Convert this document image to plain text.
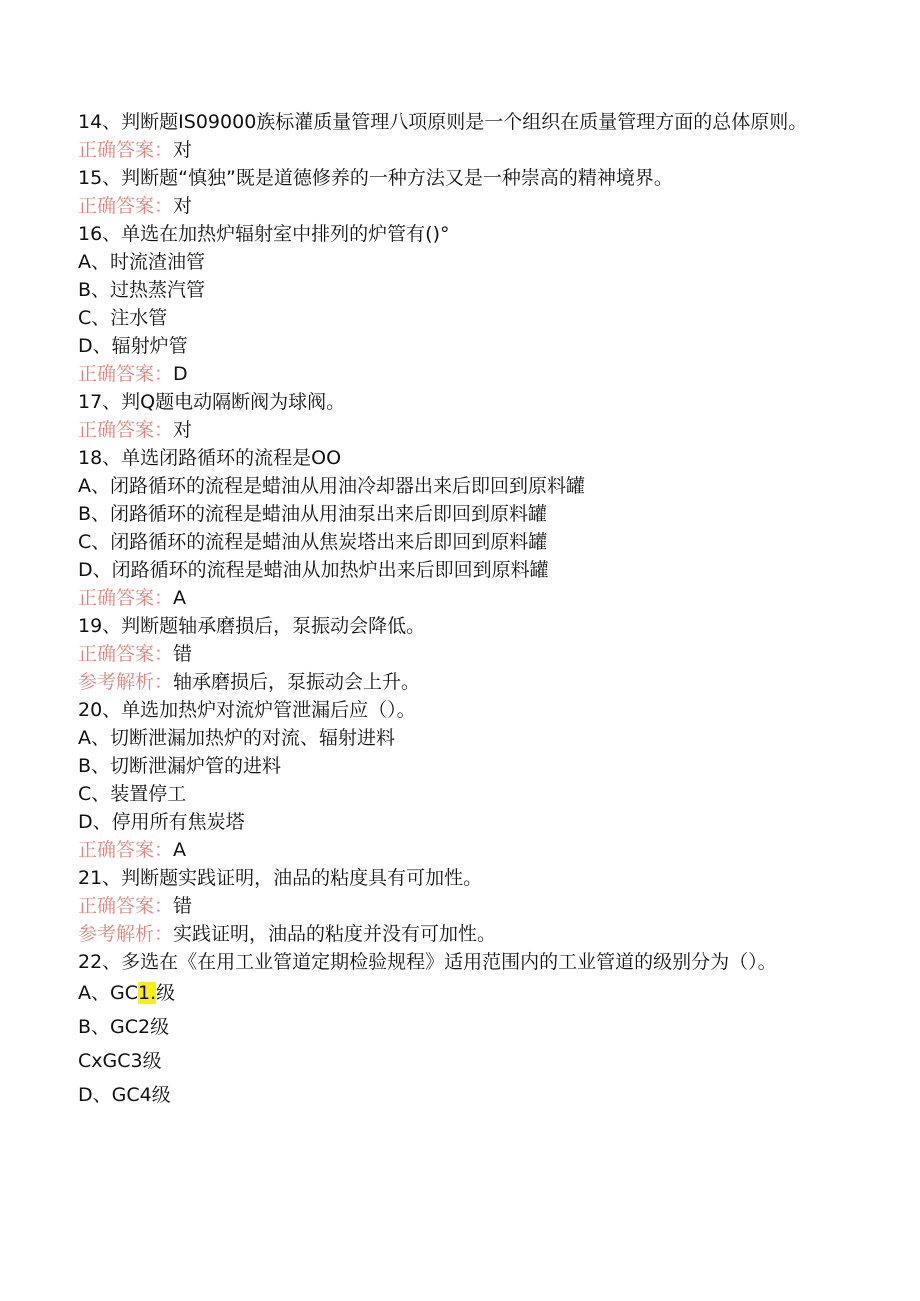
14、判断题IS09000族标灌质量管理八项原则是一个组织在质量管理方面的总体原则。
正确答案：对
15、判断题“慎独”既是道德修养的一种方法又是一种崇高的精神境界。
正确答案：对
16、单选在加热炉辐射室中排列的炉管有()°
A、时流渣油管
B、过热蒸汽管
C、注水管
D、辐射炉管
正确答案：D
17、判Q题电动隔断阀为球阀。
正确答案：对
18、单选闭路循环的流程是OO
A、闭路循环的流程是蜡油从用油冷却器出来后即回到原料罐
B、闭路循环的流程是蜡油从用油泵出来后即回到原料罐
C、闭路循环的流程是蜡油从焦炭塔出来后即回到原料罐
D、闭路循环的流程是蜡油从加热炉出来后即回到原料罐
正确答案：A
19、判断题轴承磨损后，泵振动会降低。
正确答案：错
参考解析：轴承磨损后，泵振动会上升。
20、单选加热炉对流炉管泄漏后应（）。
A、切断泄漏加热炉的对流、辐射进料
B、切断泄漏炉管的进料
C、装置停工
D、停用所有焦炭塔
正确答案：A
21、判断题实践证明，油品的粘度具有可加性。
正确答案：错
参考解析：实践证明，油品的粘度并没有可加性。
22、多选在《在用工业管道定期检验规程》适用范围内的工业管道的级别分为（）。
A、GC1.级
B、GC2级
CxGC3级
D、GC4级
